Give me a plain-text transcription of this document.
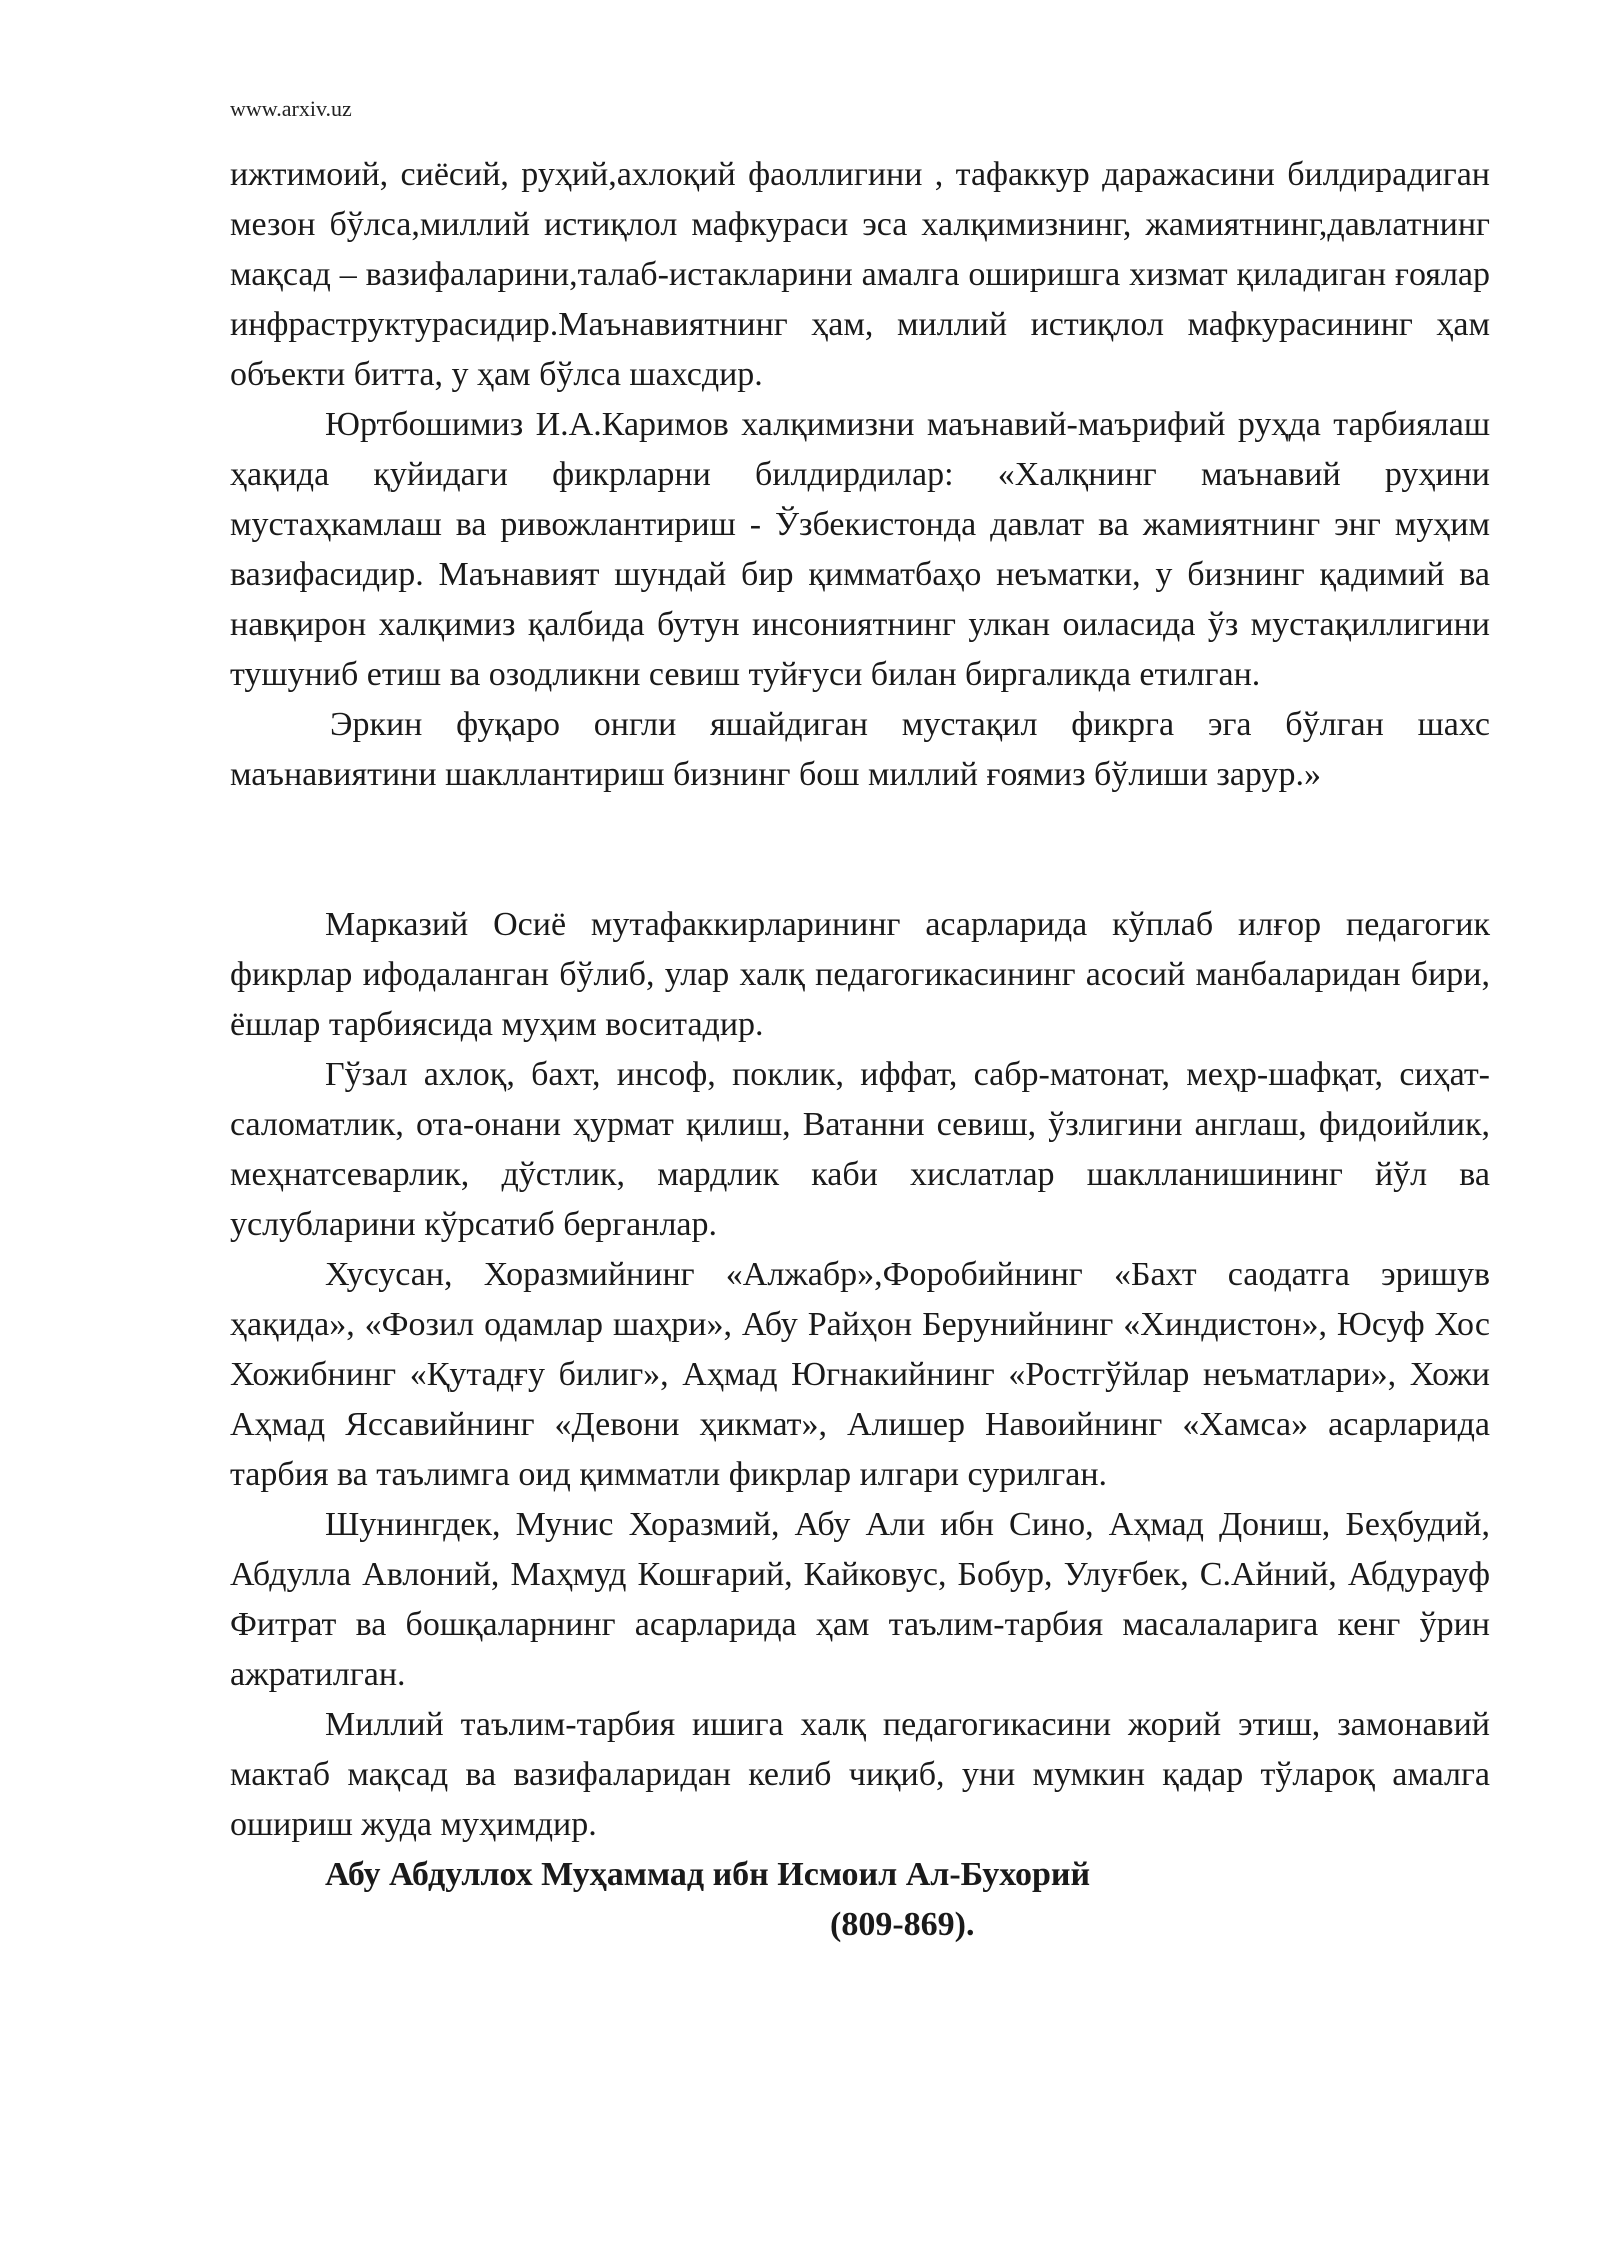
www.arxiv.uz

ижтимоий, сиёсий, руҳий,ахлоқий фаоллигини , тафаккур даражасини билдирадиган мезон бўлса,миллий истиқлол мафкураси эса халқимизнинг, жамиятнинг,давлатнинг мақсад – вазифаларини,талаб-истакларини амалга оширишга хизмат қиладиган ғоялар инфраструктурасидир.Маънавиятнинг ҳам, миллий истиқлол мафкурасининг ҳам объекти битта, у ҳам бўлса шахсдир.

Юртбошимиз И.А.Каримов халқимизни маънавий-маърифий руҳда тарбиялаш ҳақида қуйидаги фикрларни билдирдилар: «Халқнинг маънавий руҳини мустаҳкамлаш ва ривожлантириш - Ўзбекистонда давлат ва жамиятнинг энг муҳим вазифасидир. Маънавият шундай бир қимматбаҳо неъматки, у бизнинг қадимий ва навқирон халқимиз қалбида бутун инсониятнинг улкан оиласида ўз мустақиллигини тушуниб етиш ва озодликни севиш туйғуси билан биргаликда етилган.

Эркин фуқаро онгли яшайдиган мустақил фикрга эга бўлган шахс маънавиятини шакллантириш бизнинг бош миллий ғоямиз бўлиши зарур.»

Марказий Осиё мутафаккирларининг асарларида кўплаб илғор педагогик фикрлар ифодаланган бўлиб, улар халқ педагогикасининг асосий манбаларидан бири, ёшлар тарбиясида муҳим воситадир.

Гўзал ахлоқ, бахт, инсоф, поклик, иффат, сабр-матонат, меҳр-шафқат, сиҳат-саломатлик, ота-онани ҳурмат қилиш, Ватанни севиш, ўзлигини англаш, фидоийлик, меҳнатсеварлик, дўстлик, мардлик каби хислатлар шаклланишининг йўл ва услубларини кўрсатиб берганлар.

Хусусан, Хоразмийнинг «Алжабр»,Форобийнинг «Бахт саодатга эришув ҳақида», «Фозил одамлар шаҳри», Абу Райҳон Берунийнинг «Хиндистон», Юсуф Хос Хожибнинг «Қутадғу билиг», Аҳмад Югнакийнинг «Ростгўйлар неъматлари», Хожи Аҳмад Яссавийнинг «Девони ҳикмат», Алишер Навоийнинг «Хамса» асарларида тарбия ва таълимга оид қимматли фикрлар илгари сурилган.

Шунингдек, Мунис Хоразмий, Абу Али ибн Сино, Аҳмад Дониш, Беҳбудий, Абдулла Авлоний, Маҳмуд Кошғарий, Кайковус, Бобур, Улуғбек, С.Айний, Абдурауф Фитрат ва бошқаларнинг асарларида ҳам таълим-тарбия масалаларига кенг ўрин ажратилган.

Миллий таълим-тарбия ишига халқ педагогикасини жорий этиш, замонавий мактаб мақсад ва вазифаларидан келиб чиқиб, уни мумкин қадар тўлароқ амалга ошириш жуда муҳимдир.

Абу Абдуллох Муҳаммад ибн Исмоил Ал-Бухорий

(809-869).
